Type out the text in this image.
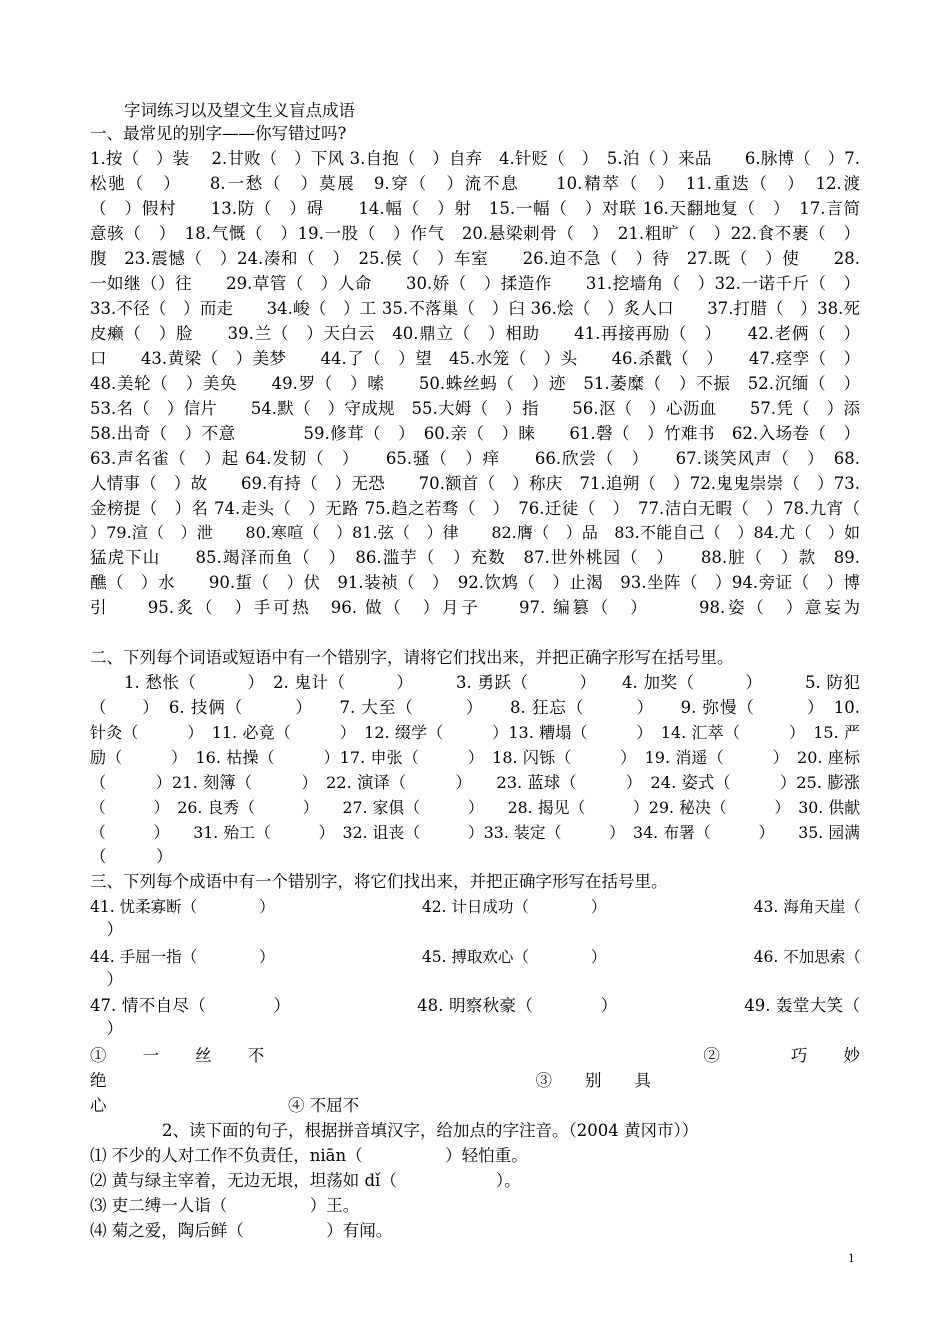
字词练习以及望文生义盲点成语
一、最常见的别字——你写错过吗?
1.按（　）装　 2.甘败（　）下风 3.自抱（　）自弃　4.针贬（　）　5.泊（ ）来品　　6.脉博（　）7.
松驰（　）　　8.一愁（　）莫展　9.穿（　）流不息　　10.精萃（　）　11.重迭（　）　12.渡
（　）假村　　13.防（　）碍　　14.幅（　）射　15.一幅（　）对联 16.天翻地复（　）　17.言简
意骇（　）　18.气慨（　）19.一股（　）作气　20.悬梁刺骨（　）　21.粗旷（　）22.食不裹（　）
腹　23.震憾（　）24.凑和（　）　25.侯（　）车室　　26.迫不急（　）待　27.既（　）使　　28.
一如继（）往　　29.草管（　）人命　　30.娇（　）揉造作　　31.挖墙角（　）32.一诺千斤（　）
33.不径（　）而走　　34.峻（　）工 35.不落巢（　）臼 36.烩（　）炙人口　　37.打腊（　）38.死
皮癞（　）脸　　39.兰（　）天白云　40.鼎立（　）相助　　41.再接再励（　）　　42.老俩（　）
口　　43.黄梁（　）美梦　　44.了（　）望　45.水笼（　）头　　46.杀戳（　）　　47.痉孪（　）
48.美轮（　）美奂　　49.罗（　）嗦　　50.蛛丝蚂（　）迹　51.萎糜（　）不振　52.沉缅（　）
53.名（　）信片　　54.默（　）守成规　55.大姆（　）指　　56.沤（　）心沥血　　57.凭（　）添
58.出奇（　）不意　　　　59.修茸（　）　60.亲（　）睐　　61.磬（　）竹难书　62.入场卷（　）
63.声名雀（　）起 64.发韧（　）　　65.骚（　）痒　　66.欣尝（　）　　67.谈笑风声（　）　68.
人情事（　）故　　69.有持（　）无恐　　70.额首（　）称庆　71.追朔（　）72.鬼鬼崇崇（　）73.
金榜提（　）名 74.走头（　）无路 75.趋之若骛（　）　76.迁徒（　）　77.洁白无暇（　）78.九宵（
）79.渲（　）泄　　80.寒喧（　）81.弦（　）律　　82.膺（　）品　83.不能自己（　）84.尤（　）如
猛虎下山　　85.竭泽而鱼（　）　86.滥芋（　）充数　87.世外桃园（　）　　88.脏（　）款　89.
醮（　）水　　90.蜇（　）伏　91.装祯（　）　92.饮鸩（　）止渴　93.坐阵（　）94.旁证（　）博
引　　95.炙（　）手可热　96. 做（　）月子　　97. 编篡（　）　　　98.姿（　）意妄为
二、下列每个词语或短语中有一个错别字，请将它们找出来，并把正确字形写在括号里。
1. 愁怅（　　　）　2. 鬼计（　　　）　　　3. 勇跃（　　　）　　4. 加奖（　　　）　　　5. 防犯
（　　）　6. 技俩（　　　）　　7. 大至（　　　）　　8. 狂忘（　　　）　　9. 弥慢（　　　）　10.
针灸（　　　）　11. 必竟（　　　）　12. 缀学（　　　）13. 糟塌（　　　）　14. 汇萃（　　　）　15. 严
励（　　　）　16. 枯操（　　　）17. 申张（　　　）　18. 闪铄（　　　）　19. 消遥（　　　）　20. 座标
（　　　）21. 刻簿（　　　）　22. 演译（　　　）　　23. 蓝球（　　　）　24. 姿式（　　　）25. 膨涨
（　　　）　26. 良秀（　　　）　　27. 家俱（　　　）　　28. 揭见（　　　）29. 秘决（　　　）　30. 供献
（　　　）　　31. 殆工（　　　）　32. 诅丧（　　　）33. 装定（　　　）　34. 布署（　　　）　　35. 园满
（　　　）
三、下列每个成语中有一个错别字，将它们找出来，并把正确字形写在括号里。
41. 忧柔寡断（　　　　）　　　　　　　　　　42. 计日成功（　　　　）　　　　　　　　　　43. 海角天崖（
　）
44. 手屈一指（　　　　）　　　　　　　　　　45. 搏取欢心（　　　　）　　　　　　　　　　46. 不加思索（
　）
47. 情不自尽（　　　　）　　　　　　　　48. 明察秋豪（　　　　）　　　　　　　　49. 轰堂大笑（
　）
①　　一　　丝　　不　　　　　　　　　　　　　　　　　　　　　　　　　②　　　　巧　　妙
绝　　　　　　　　　　　　　　　　　　　　　　　　　　③　　别　　具
心　　　　　　　　　　　④ 不屈不
2、读下面的句子，根据拼音填汉字，给加点的字注音。（2004 黄冈市））
⑴ 不少的人对工作不负责任，niān（　　　　　）轻怕重。
⑵ 黄与绿主宰着，无边无垠，坦荡如 dǐ（　　　　　　）。
⑶ 吏二缚一人诣（　　　　　）王。
⑷ 菊之爱，陶后鲜（　　　　　）有闻。
1
